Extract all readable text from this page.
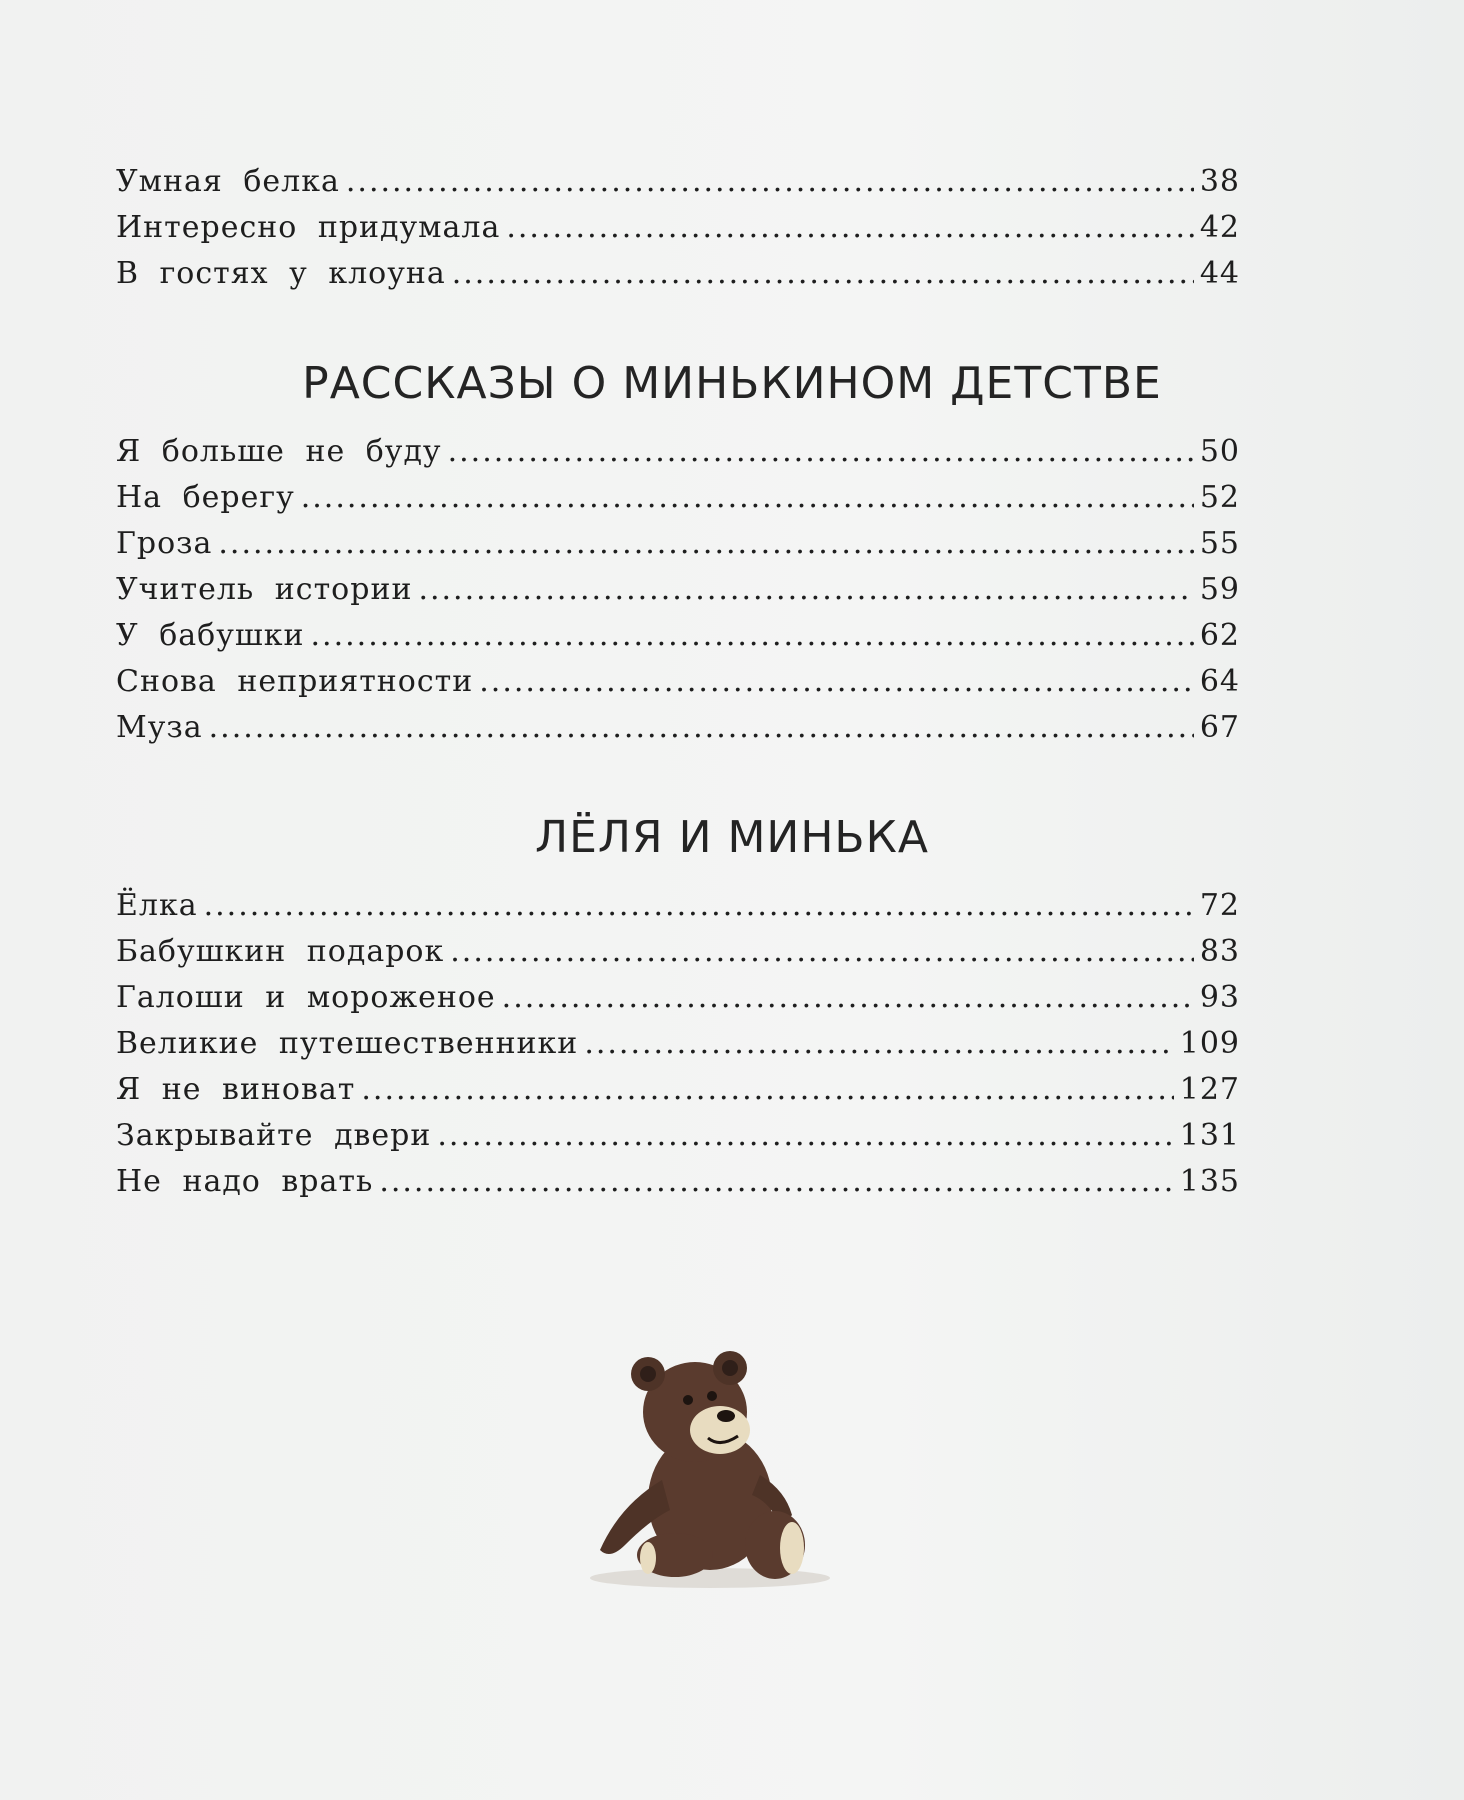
Умная белка .....	38
Интересно придумала .....	42
В гостях у клоуна .....	44
РАССКАЗЫ О МИНЬКИНОМ ДЕТСТВЕ
Я больше не буду .....	50
На берегу .....	52
Гроза .....	55
Учитель истории .....	59
У бабушки .....	62
Снова неприятности .....	64
Муза .....	67
ЛЁЛЯ И МИНЬКА
Ёлка .....	72
Бабушкин подарок .....	83
Галоши и мороженое .....	93
Великие путешественники .....	109
Я не виноват .....	127
Закрывайте двери .....	131
Не надо врать .....	135
